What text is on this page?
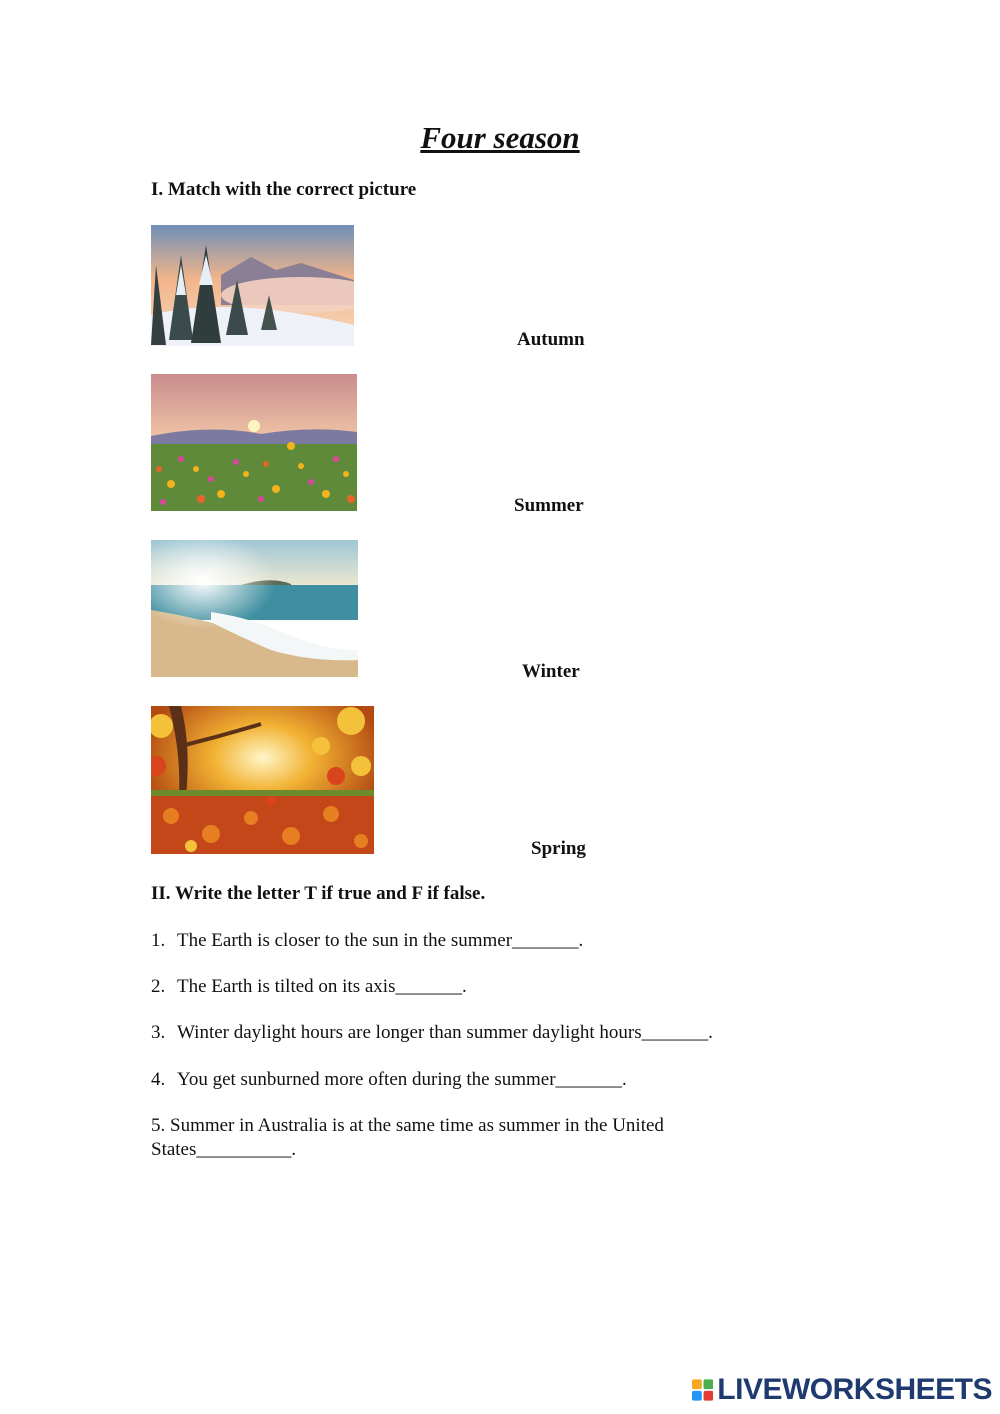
Four season
I. Match with the correct picture
Autumn
Summer
Winter
Spring
II. Write the letter T if true and F if false.
1. The Earth is closer to the sun in the summer_______.
2. The Earth is tilted on its axis_______.
3. Winter daylight hours are longer than summer daylight hours_______.
4. You get sunburned more often during the summer_______.
5. Summer in Australia is at the same time as summer in the United States__________.
LIVEWORKSHEETS
